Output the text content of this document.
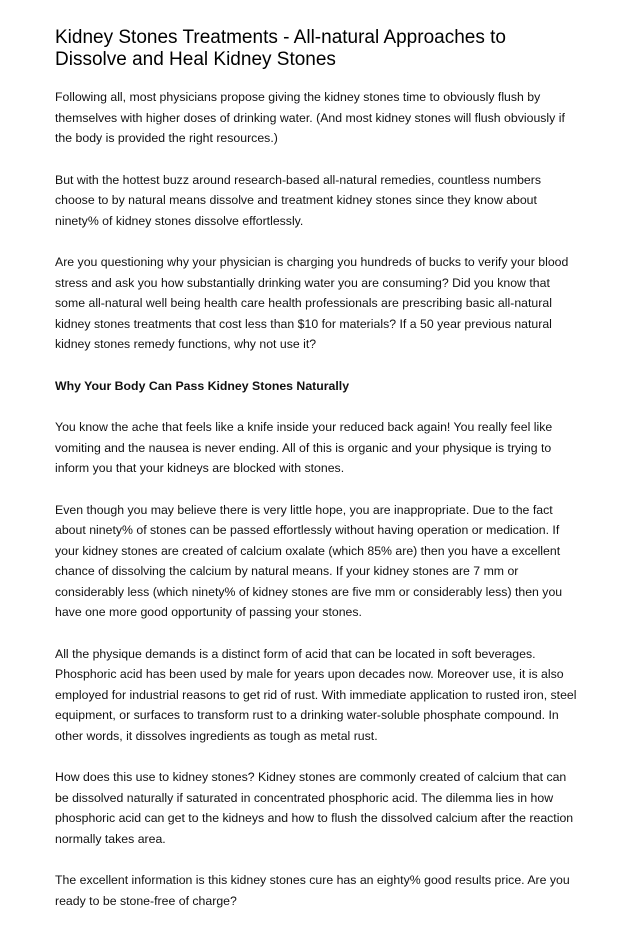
Kidney Stones Treatments - All-natural Approaches to Dissolve and Heal Kidney Stones

Following all, most physicians propose giving the kidney stones time to obviously flush by themselves with higher doses of drinking water. (And most kidney stones will flush obviously if the body is provided the right resources.)

But with the hottest buzz around research-based all-natural remedies, countless numbers choose to by natural means dissolve and treatment kidney stones since they know about ninety% of kidney stones dissolve effortlessly.

Are you questioning why your physician is charging you hundreds of bucks to verify your blood stress and ask you how substantially drinking water you are consuming? Did you know that some all-natural well being health care health professionals are prescribing basic all-natural kidney stones treatments that cost less than $10 for materials? If a 50 year previous natural kidney stones remedy functions, why not use it?

Why Your Body Can Pass Kidney Stones Naturally

You know the ache that feels like a knife inside your reduced back again! You really feel like vomiting and the nausea is never ending. All of this is organic and your physique is trying to inform you that your kidneys are blocked with stones.

Even though you may believe there is very little hope, you are inappropriate. Due to the fact about ninety% of stones can be passed effortlessly without having operation or medication. If your kidney stones are created of calcium oxalate (which 85% are) then you have a excellent chance of dissolving the calcium by natural means. If your kidney stones are 7 mm or considerably less (which ninety% of kidney stones are five mm or considerably less) then you have one more good opportunity of passing your stones.

All the physique demands is a distinct form of acid that can be located in soft beverages. Phosphoric acid has been used by male for years upon decades now. Moreover use, it is also employed for industrial reasons to get rid of rust. With immediate application to rusted iron, steel equipment, or surfaces to transform rust to a drinking water-soluble phosphate compound. In other words, it dissolves ingredients as tough as metal rust.

How does this use to kidney stones? Kidney stones are commonly created of calcium that can be dissolved naturally if saturated in concentrated phosphoric acid. The dilemma lies in how phosphoric acid can get to the kidneys and how to flush the dissolved calcium after the reaction normally takes area.

The excellent information is this kidney stones cure has an eighty% good results price. Are you ready to be stone-free of charge?
